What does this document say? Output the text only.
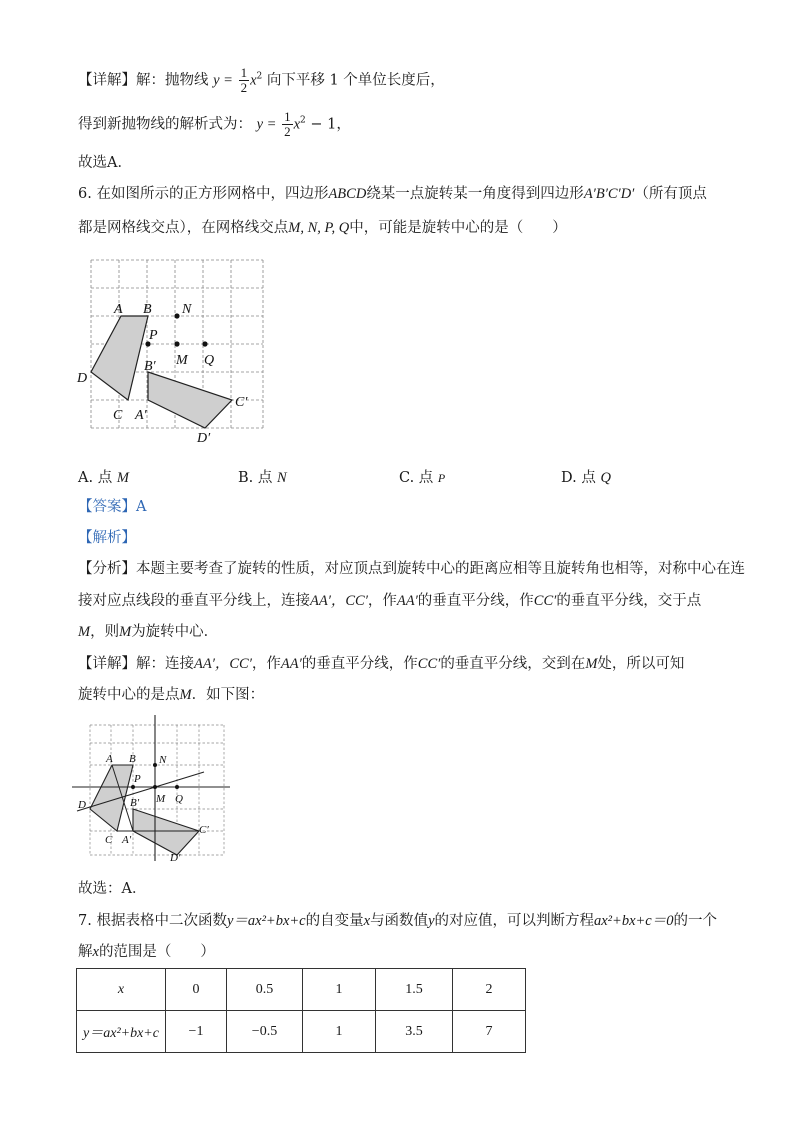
【详解】解：抛物线 $y = \frac{1}{2} x^2$ 向下平移 1 个单位长度后，
得到新抛物线的解析式为： $y = \frac{1}{2} x^2 - 1$，
故选A．
6. 在如图所示的正方形网格中，四边形ABCD绕某一点旋转某一角度得到四边形A′B′C′D′（所有顶点
都是网格线交点），在网格线交点M, N, P, Q中，可能是旋转中心的是（　　）
A B N
P
B′ M Q
D
C A′
C′
D′
A. 点 M	B. 点 N	C. 点 P	D. 点 Q
【答案】A
【解析】
【分析】本题主要考查了旋转的性质，对应顶点到旋转中心的距离应相等且旋转角也相等，对称中心在连
接对应点线段的垂直平分线上，连接AA′，CC′，作AA′的垂直平分线，作CC′的垂直平分线，交于点
M，则M为旋转中心．
【详解】解：连接AA′，CC′，作AA′的垂直平分线，作CC′的垂直平分线，交到在M处，所以可知
旋转中心的是点M．如下图：
A B N
P
B′ M Q
D
C A′
C′
D′
故选：A．
7. 根据表格中二次函数y＝ax²+bx+c的自变量x与函数值y的对应值，可以判断方程ax²+bx+c＝0的一个
解x的范围是（　　）
x	0	0.5	1	1.5	2
y＝ax²+bx+c	−1	−0.5	1	3.5	7
